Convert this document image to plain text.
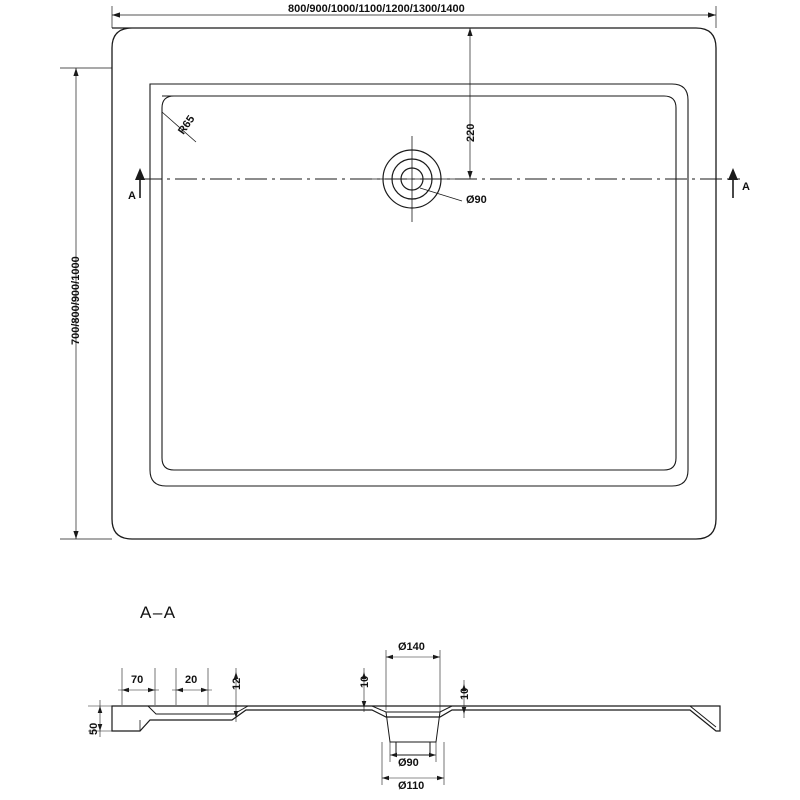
800/900/1000/1100/1200/1300/1400
700/800/900/1000
R65	220
Ø90
A
A
A–A
70	20	12	10
10
Ø140
50
Ø90
Ø110
